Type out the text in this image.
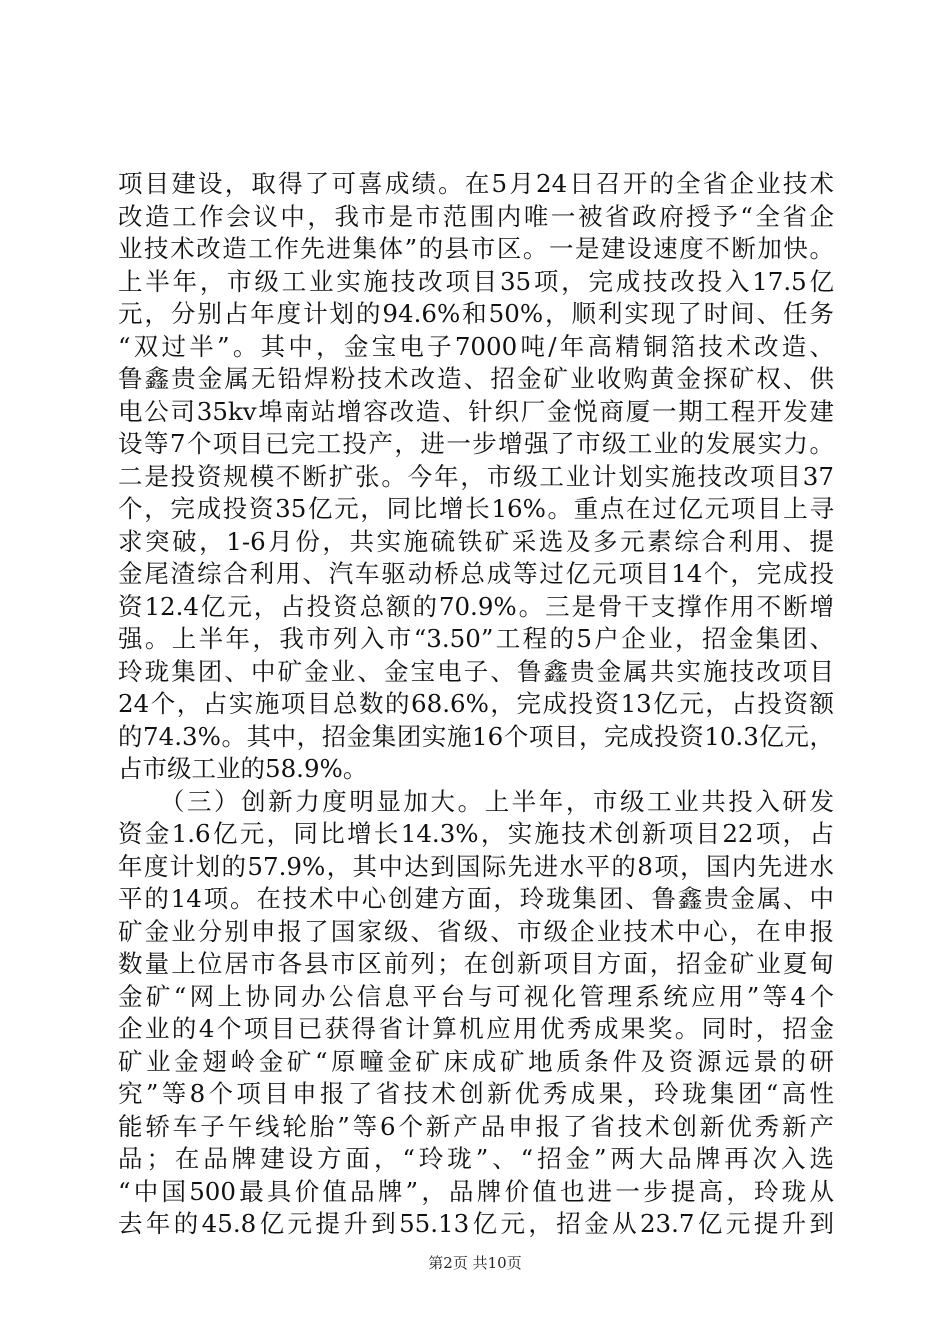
项目建设，取得了可喜成绩。在5月24日召开的全省企业技术
改造工作会议中，我市是市范围内唯一被省政府授予“全省企
业技术改造工作先进集体”的县市区。一是建设速度不断加快。
上半年，市级工业实施技改项目35项，完成技改投入17.5亿
元，分别占年度计划的94.6%和50%，顺利实现了时间、任务
“双过半”。其中，金宝电子7000吨/年高精铜箔技术改造、
鲁鑫贵金属无铅焊粉技术改造、招金矿业收购黄金探矿权、供
电公司35kv埠南站增容改造、针织厂金悦商厦一期工程开发建
设等7个项目已完工投产，进一步增强了市级工业的发展实力。
二是投资规模不断扩张。今年，市级工业计划实施技改项目37
个，完成投资35亿元，同比增长16%。重点在过亿元项目上寻
求突破，1-6月份，共实施硫铁矿采选及多元素综合利用、提
金尾渣综合利用、汽车驱动桥总成等过亿元项目14个，完成投
资12.4亿元，占投资总额的70.9%。三是骨干支撑作用不断增
强。上半年，我市列入市“3.50”工程的5户企业，招金集团、
玲珑集团、中矿金业、金宝电子、鲁鑫贵金属共实施技改项目
24个，占实施项目总数的68.6%，完成投资13亿元，占投资额
的74.3%。其中，招金集团实施16个项目，完成投资10.3亿元，
占市级工业的58.9%。
　　（三）创新力度明显加大。上半年，市级工业共投入研发
资金1.6亿元，同比增长14.3%，实施技术创新项目22项，占
年度计划的57.9%，其中达到国际先进水平的8项，国内先进水
平的14项。在技术中心创建方面，玲珑集团、鲁鑫贵金属、中
矿金业分别申报了国家级、省级、市级企业技术中心，在申报
数量上位居市各县市区前列；在创新项目方面，招金矿业夏甸
金矿“网上协同办公信息平台与可视化管理系统应用”等4个
企业的4个项目已获得省计算机应用优秀成果奖。同时，招金
矿业金翅岭金矿“原疃金矿床成矿地质条件及资源远景的研
究”等8个项目申报了省技术创新优秀成果，玲珑集团“高性
能轿车子午线轮胎”等6个新产品申报了省技术创新优秀新产
品；在品牌建设方面，“玲珑”、“招金”两大品牌再次入选
“中国500最具价值品牌”，品牌价值也进一步提高，玲珑从
去年的45.8亿元提升到55.13亿元，招金从23.7亿元提升到
第2页 共10页
